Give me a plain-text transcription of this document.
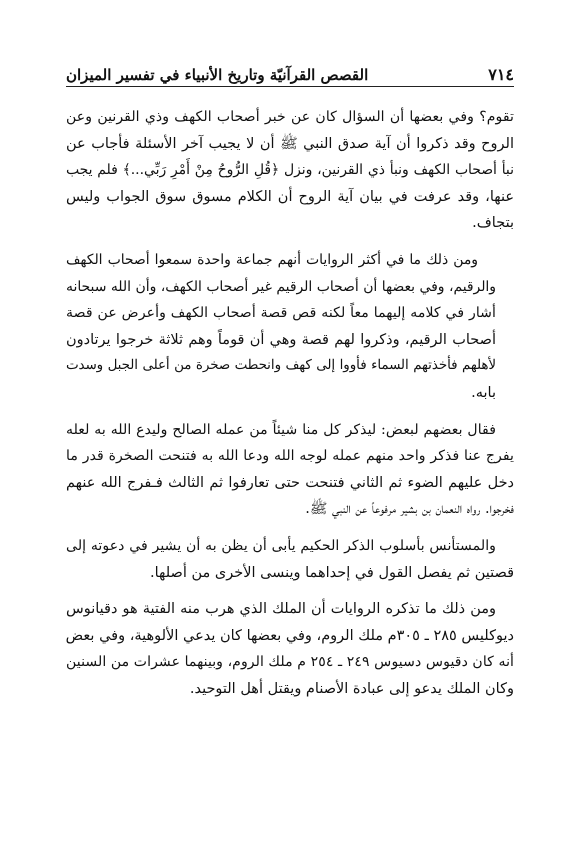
٧١٤
القصص القرآنيّة وتاريخ الأنبياء في تفسير الميزان
تقوم؟ وفي بعضها أن السؤال كان عن خبر أصحاب الكهف وذي القرنين وعن
الروح وقد ذكروا أن آية صدق النبي ﷺ أن لا يجيب آخر الأسئلة فأجاب عن
نبأ أصحاب الكهف ونبأ ذي القرنين، ونزل ﴿قُلِ الرُّوحُ مِنْ أَمْرِ رَبِّي...﴾ فلم يجب
عنها، وقد عرفت في بيان آية الروح أن الكلام مسوق سوق الجواب وليس
بتجاف.
ومن ذلك ما في أكثر الروايات أنهم جماعة واحدة سمعوا أصحاب الكهف
والرقيم، وفي بعضها أن أصحاب الرقيم غير أصحاب الكهف، وأن الله سبحانه
أشار في كلامه إليهما معاً لكنه قص قصة أصحاب الكهف وأعرض عن قصة
أصحاب الرقيم، وذكروا لهم قصة وهي أن قوماً وهم ثلاثة خرجوا يرتادون
لأهلهم فأخذتهم السماء فأووا إلى كهف وانحطت صخرة من أعلى الجبل وسدت
بابه.
فقال بعضهم لبعض: ليذكر كل منا شيئاً من عمله الصالح وليدع الله به لعله
يفرج عنا فذكر واحد منهم عمله لوجه الله ودعا الله به فتنحت الصخرة قدر ما
دخل عليهم الضوء ثم الثاني فتنحت حتى تعارفوا ثم الثالث فـفرج الله عنهم
فخرجوا. رواه النعمان بن بشير مرفوعاً عن النبي ﷺ.
والمستأنس بأسلوب الذكر الحكيم يأبى أن يظن به أن يشير في دعوته إلى
قصتين ثم يفصل القول في إحداهما وينسى الأخرى من أصلها.
ومن ذلك ما تذكره الروايات أن الملك الذي هرب منه الفتية هو دقيانوس
ديوكليس ٢٨٥ ـ ٣٠٥م ملك الروم، وفي بعضها كان يدعي الألوهية، وفي بعض
أنه كان دقيوس دسيوس ٢٤٩ ـ ٢٥٤ م ملك الروم، وبينهما عشرات من السنين
وكان الملك يدعو إلى عبادة الأصنام ويقتل أهل التوحيد.
